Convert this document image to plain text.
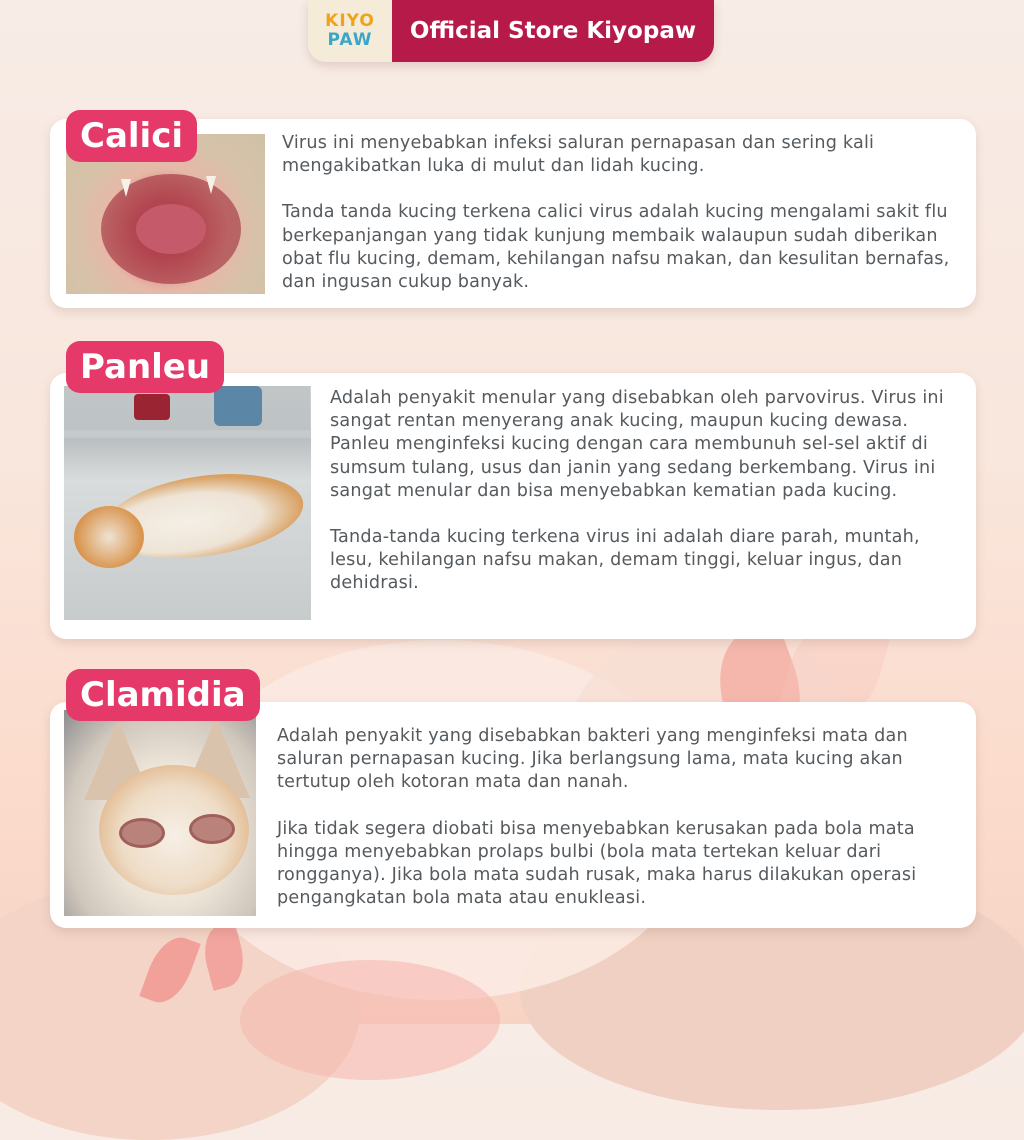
KIYO
PAW	Official Store Kiyopaw
Calici	Virus ini menyebabkan infeksi saluran pernapasan dan sering kali mengakibatkan luka di mulut dan lidah kucing.

Tanda tanda kucing terkena calici virus adalah kucing mengalami sakit flu berkepanjangan yang tidak kunjung membaik walaupun sudah diberikan obat flu kucing, demam, kehilangan nafsu makan, dan kesulitan bernafas, dan ingusan cukup banyak.

Panleu

Adalah penyakit menular yang disebabkan oleh parvovirus. Virus ini sangat rentan menyerang anak kucing, maupun kucing dewasa. Panleu menginfeksi kucing dengan cara membunuh sel-sel aktif di sumsum tulang, usus dan janin yang sedang berkembang. Virus ini sangat menular dan bisa menyebabkan kematian pada kucing.

Tanda-tanda kucing terkena virus ini adalah diare parah, muntah, lesu, kehilangan nafsu makan, demam tinggi, keluar ingus, dan dehidrasi.

Clamidia

Adalah penyakit yang disebabkan bakteri yang menginfeksi mata dan saluran pernapasan kucing. Jika berlangsung lama, mata kucing akan tertutup oleh kotoran mata dan nanah.

Jika tidak segera diobati bisa menyebabkan kerusakan pada bola mata hingga menyebabkan prolaps bulbi (bola mata tertekan keluar dari rongganya). Jika bola mata sudah rusak, maka harus dilakukan operasi pengangkatan bola mata atau enukleasi.
